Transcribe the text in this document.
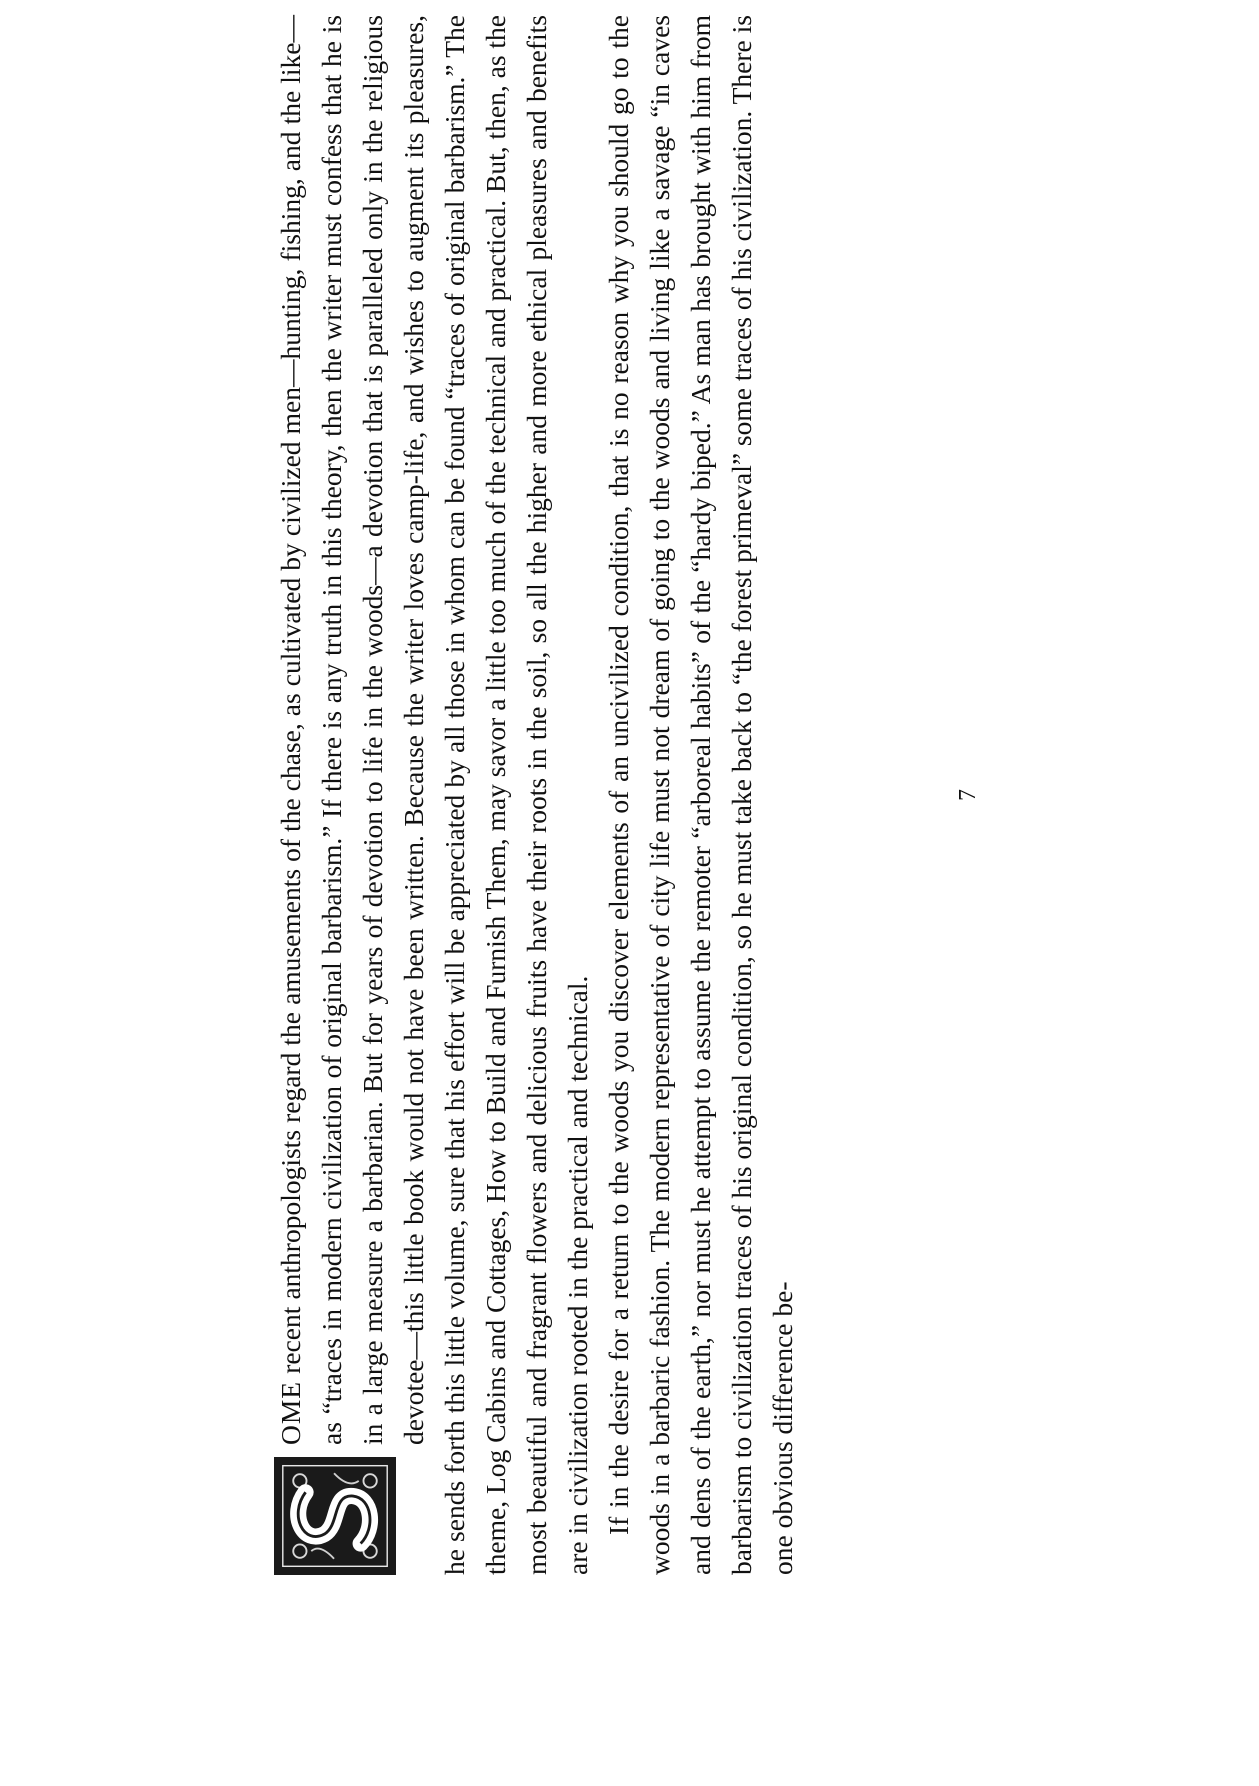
OME recent anthropologists regard the amusements of the chase, as cultivated by civilized men—hunting, fishing, and the like—as “traces in modern civilization of original barbarism.” If there is any truth in this theory, then the writer must confess that he is in a large measure a barbarian. But for years of devotion to life in the woods—a devotion that is paralleled only in the religious devotee—this little book would not have been written. Because the writer loves camp-life, and wishes to augment its pleasures, he sends forth this little volume, sure that his effort will be appreciated by all those in whom can be found “traces of original barbarism.” The theme, Log Cabins and Cottages, How to Build and Furnish Them, may savor a little too much of the technical and practical. But, then, as the most beautiful and fragrant flowers and delicious fruits have their roots in the soil, so all the higher and more ethical pleasures and benefits are in civilization rooted in the practical and technical. If in the desire for a return to the woods you discover elements of an uncivilized condition, that is no reason why you should go to the woods in a barbaric fashion. The modern representative of city life must not dream of going to the woods and living like a savage “in caves and dens of the earth,” nor must he attempt to assume the remoter “arboreal habits” of the “hardy biped.” As man has brought with him from barbarism to civilization traces of his original condition, so he must take back to “the forest primeval” some traces of his civilization. There is one obvious difference be-

7
